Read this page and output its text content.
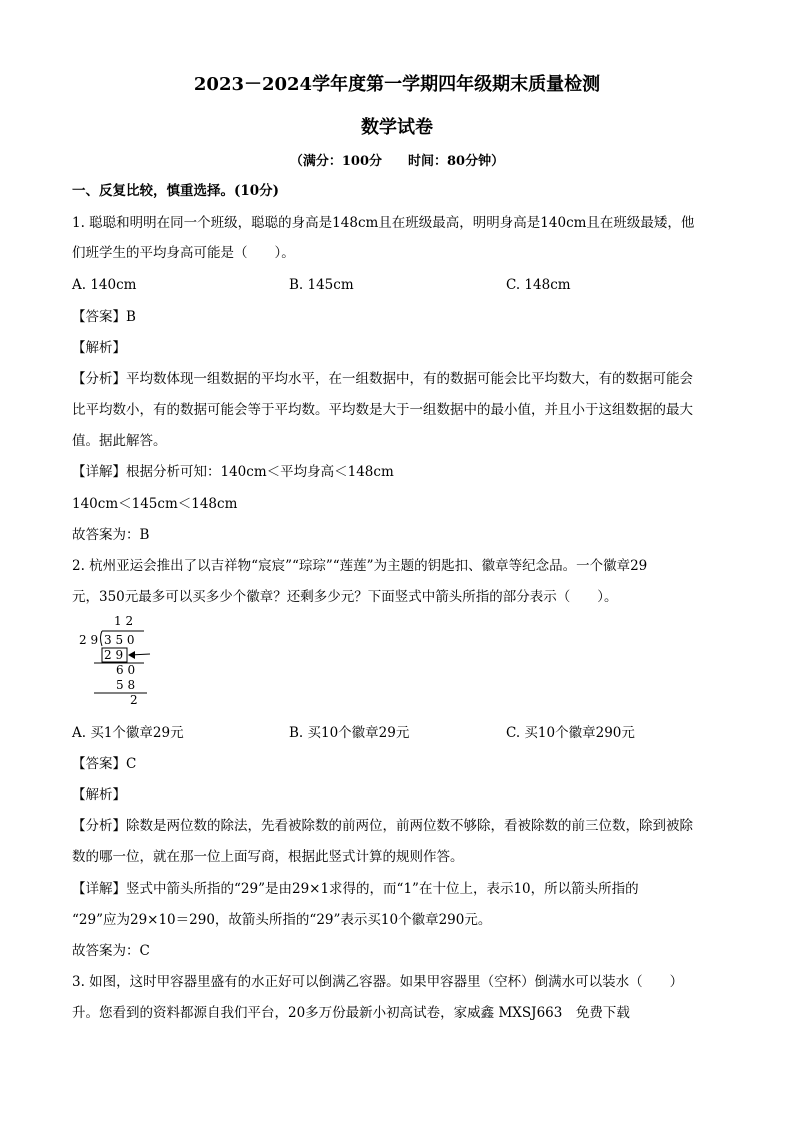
2023－2024学年度第一学期四年级期末质量检测
数学试卷
（满分：100分　　时间：80分钟）
一、反复比较，慎重选择。(10分)
1. 聪聪和明明在同一个班级，聪聪的身高是148cm且在班级最高，明明身高是140cm且在班级最矮，他
们班学生的平均身高可能是（　　）。
A. 140cm	B. 145cm	C. 148cm
【答案】B
【解析】
【分析】平均数体现一组数据的平均水平，在一组数据中，有的数据可能会比平均数大，有的数据可能会
比平均数小，有的数据可能会等于平均数。平均数是大于一组数据中的最小值，并且小于这组数据的最大
值。据此解答。
【详解】根据分析可知：140cm＜平均身高＜148cm
140cm＜145cm＜148cm
故答案为：B
2. 杭州亚运会推出了以吉祥物“宸宸”“琮琮”“莲莲”为主题的钥匙扣、徽章等纪念品。一个徽章29
元，350元最多可以买多少个徽章？还剩多少元？下面竖式中箭头所指的部分表示（　　）。
1 2
2 9 3 5 0
2 9
6 0
5 8
2
A. 买1个徽章29元	B. 买10个徽章29元	C. 买10个徽章290元
【答案】C
【解析】
【分析】除数是两位数的除法，先看被除数的前两位，前两位数不够除，看被除数的前三位数，除到被除
数的哪一位，就在那一位上面写商，根据此竖式计算的规则作答。
【详解】竖式中箭头所指的“29”是由29×1求得的，而“1”在十位上，表示10，所以箭头所指的
“29”应为29×10＝290，故箭头所指的“29”表示买10个徽章290元。
故答案为：C
3. 如图，这时甲容器里盛有的水正好可以倒满乙容器。如果甲容器里（空杯）倒满水可以装水（　　）
升。您看到的资料都源自我们平台，20多万份最新小初高试卷，家威鑫 MXSJ663　免费下载
